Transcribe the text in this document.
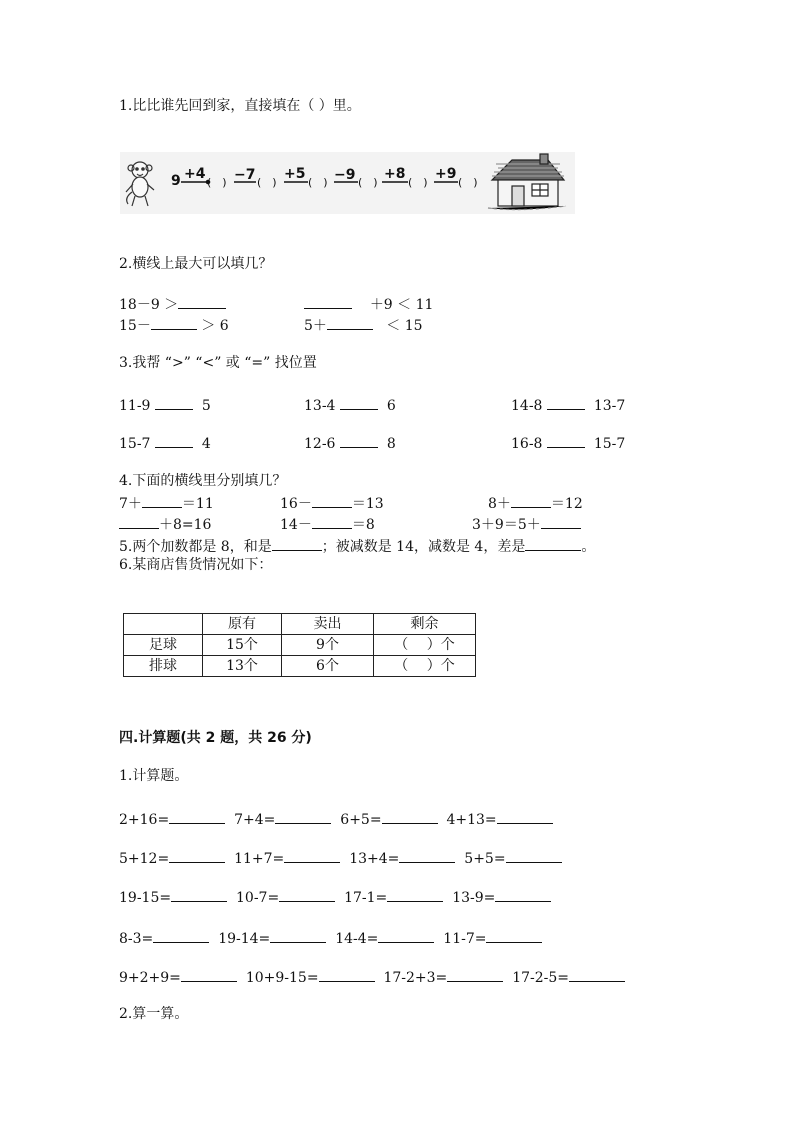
1.比比谁先回到家，直接填在（ ）里。
9 +4 −7 +5 −9 +8 +9
(　)	(　)	(　)	(　)	(　)	(　)
2.横线上最大可以填几？
18－9 ＞	＋9 ＜ 11
15－	＞ 6	5＋	＜ 15
3.我帮 “>” “<” 或 “=” 找位置
11-9	5	13-4	6	14-8	13-7
15-7	4	12-6	8	16-8	15-7
4.下面的横线里分别填几？
7＋	＝11	16－	＝13	8＋	＝12
＋8=16	14－	＝8	3＋9＝5＋
5.两个加数都是 8，和是	；被减数是 14，减数是 4，差是	。
6.某商店售货情况如下：
	原有	卖出	剩余
足球	15个	9个	（　 ）个
排球	13个	6个	（　 ）个
四.计算题(共 2 题，共 26 分)
1.计算题。
2+16=	7+4=	6+5=	4+13=
5+12=	11+7=	13+4=	5+5=
19-15=	10-7=	17-1=	13-9=
8-3=	19-14=	14-4=	11-7=
9+2+9=	10+9-15=	17-2+3=	17-2-5=
2.算一算。
